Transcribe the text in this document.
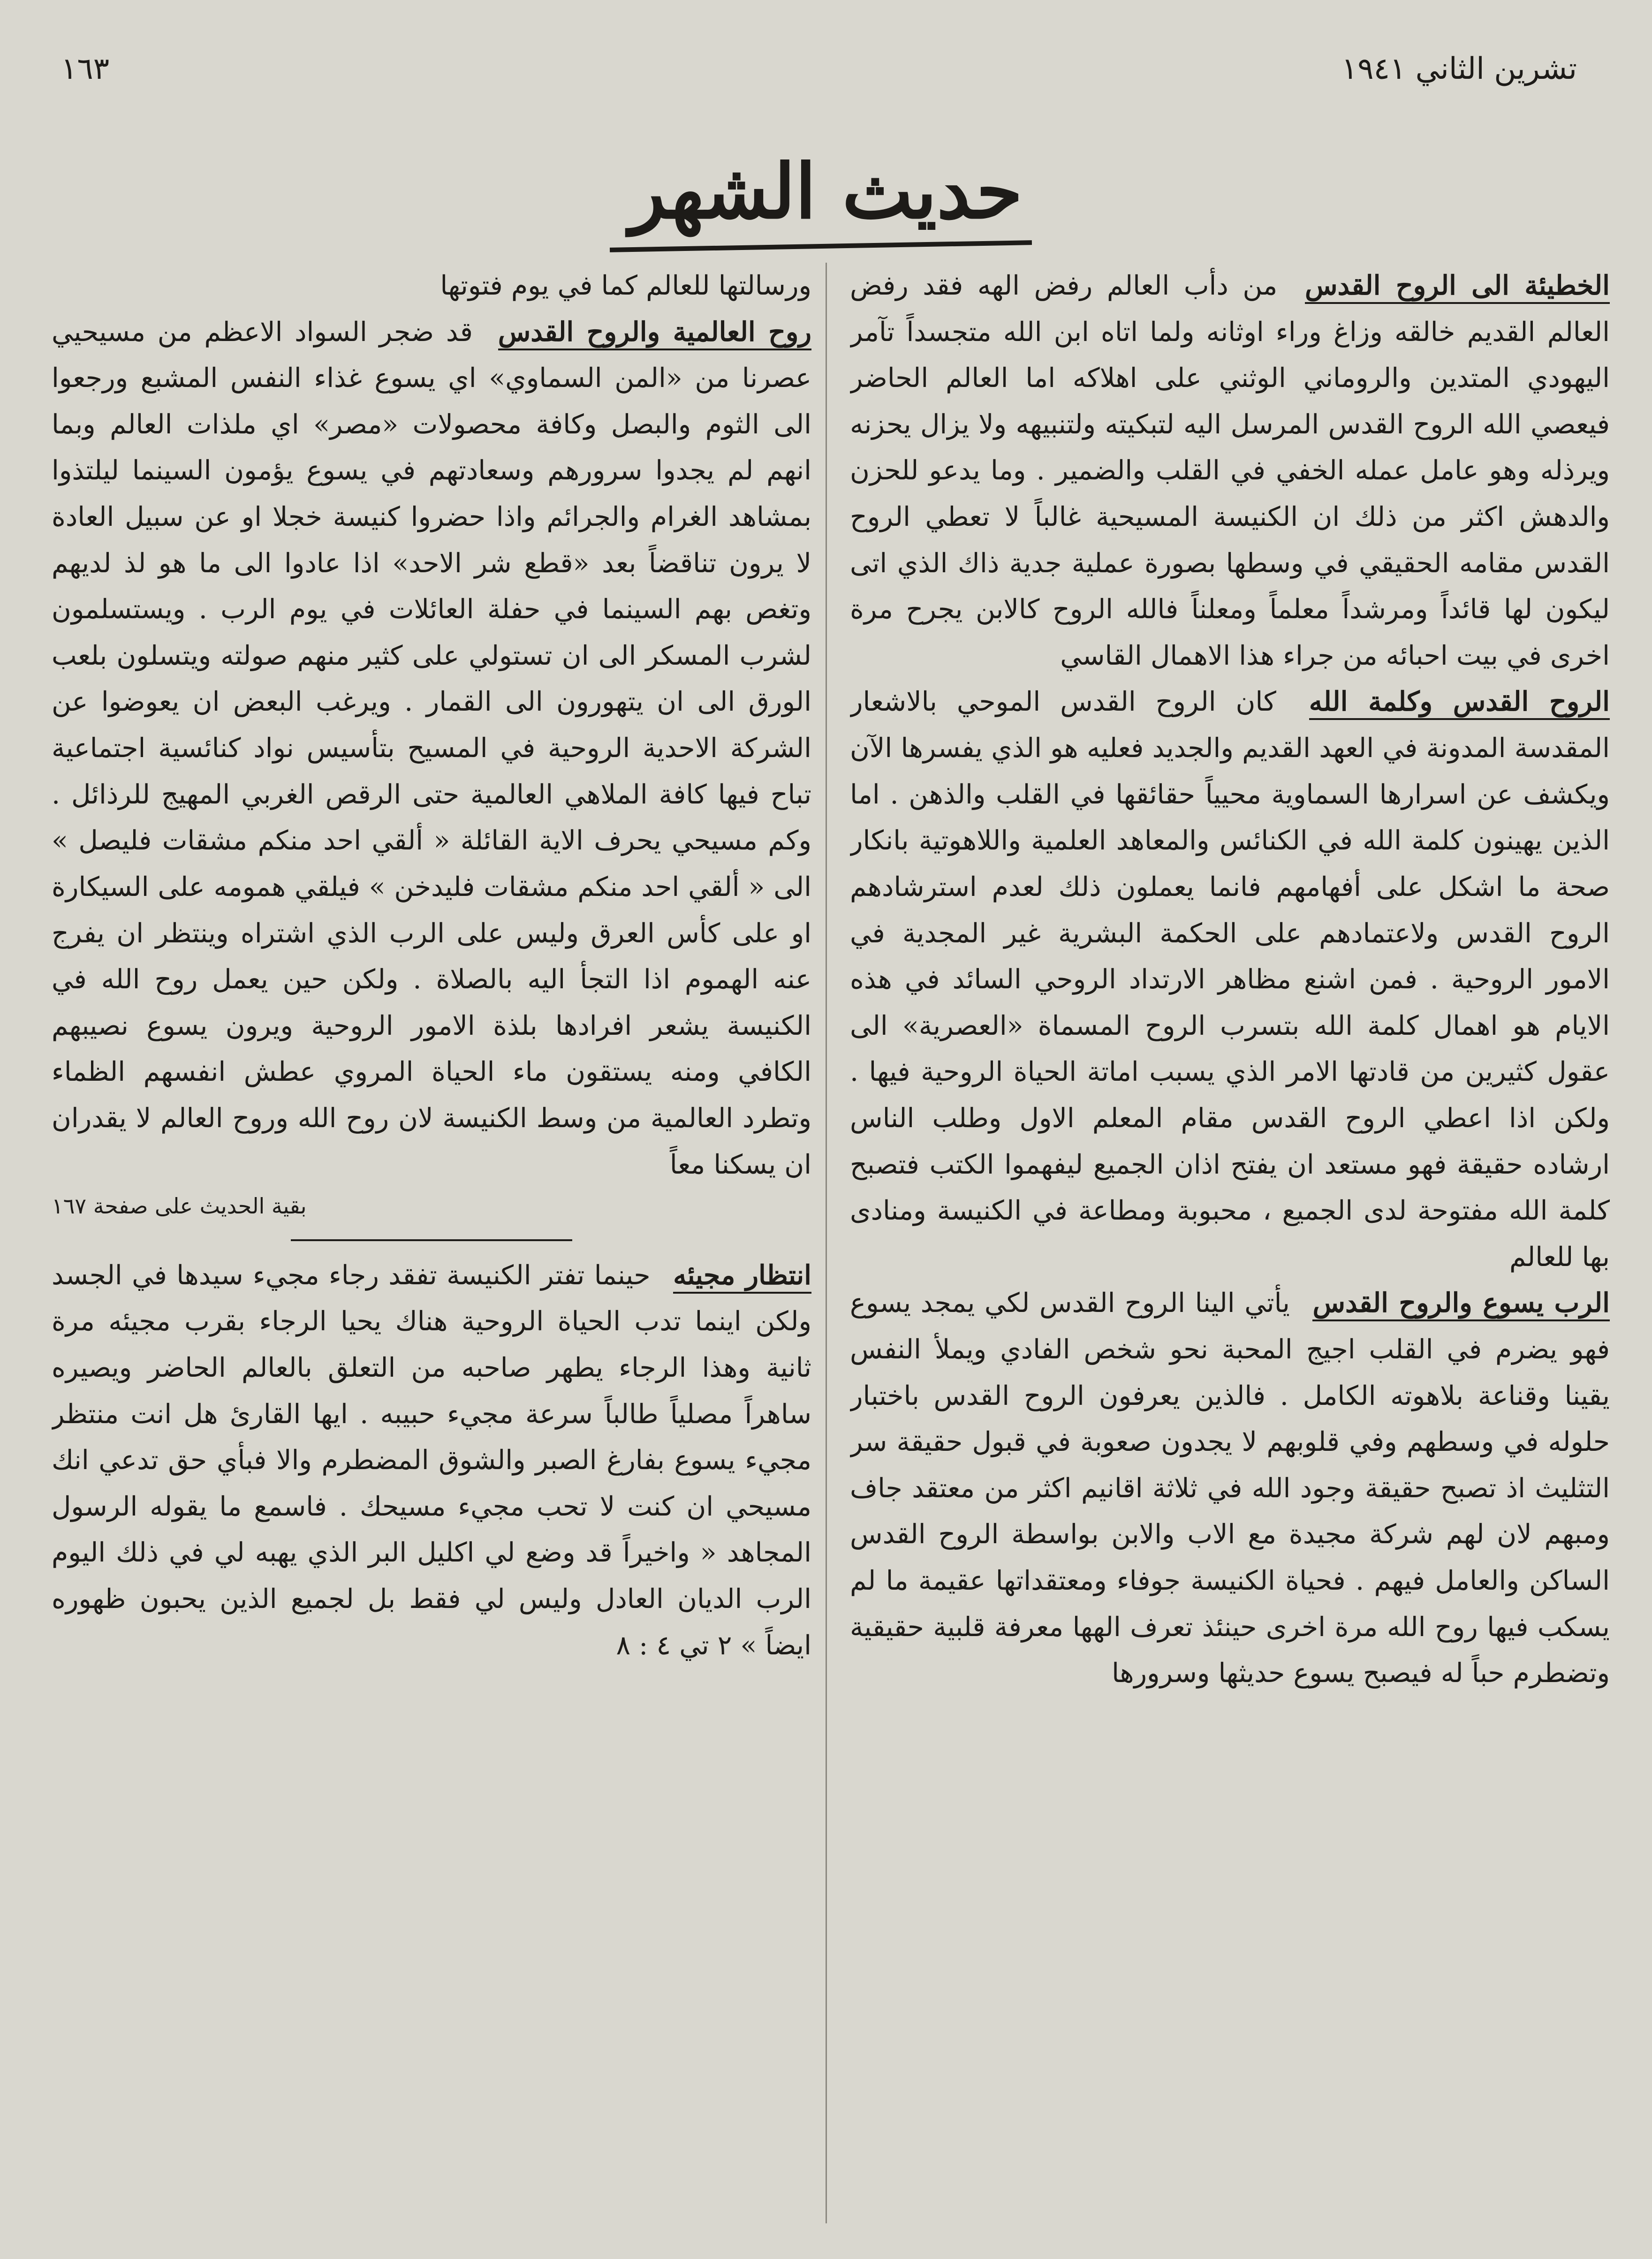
تشرين الثاني ١٩٤١
١٦٣
حديث الشهر

الخطيئة الى الروح القدس من دأب العالم رفض الهه فقد رفض العالم القديم خالقه وزاغ وراء اوثانه ولما اتاه ابن الله متجسداً تآمر اليهودي المتدين والروماني الوثني على اهلاكه اما العالم الحاضر فيعصي الله الروح القدس المرسل اليه لتبكيته ولتنبيهه ولا يزال يحزنه ويرذله وهو عامل عمله الخفي في القلب والضمير . وما يدعو للحزن والدهش اكثر من ذلك ان الكنيسة المسيحية غالباً لا تعطي الروح القدس مقامه الحقيقي في وسطها بصورة عملية جدية ذاك الذي اتى ليكون لها قائداً ومرشداً معلماً ومعلناً فالله الروح كالابن يجرح مرة اخرى في بيت احبائه من جراء هذا الاهمال القاسي

الروح القدس وكلمة الله كان الروح القدس الموحي بالاشعار المقدسة المدونة في العهد القديم والجديد فعليه هو الذي يفسرها الآن ويكشف عن اسرارها السماوية محيياً حقائقها في القلب والذهن . اما الذين يهينون كلمة الله في الكنائس والمعاهد العلمية واللاهوتية بانكار صحة ما اشكل على أفهامهم فانما يعملون ذلك لعدم استرشادهم الروح القدس ولاعتمادهم على الحكمة البشرية غير المجدية في الامور الروحية . فمن اشنع مظاهر الارتداد الروحي السائد في هذه الايام هو اهمال كلمة الله بتسرب الروح المسماة «العصرية» الى عقول كثيرين من قادتها الامر الذي يسبب اماتة الحياة الروحية فيها . ولكن اذا اعطي الروح القدس مقام المعلم الاول وطلب الناس ارشاده حقيقة فهو مستعد ان يفتح اذان الجميع ليفهموا الكتب فتصبح كلمة الله مفتوحة لدى الجميع ، محبوبة ومطاعة في الكنيسة ومنادى بها للعالم

الرب يسوع والروح القدس يأتي الينا الروح القدس لكي يمجد يسوع فهو يضرم في القلب اجيج المحبة نحو شخص الفادي ويملأ النفس يقينا وقناعة بلاهوته الكامل . فالذين يعرفون الروح القدس باختبار حلوله في وسطهم وفي قلوبهم لا يجدون صعوبة في قبول حقيقة سر التثليث اذ تصبح حقيقة وجود الله في ثلاثة اقانيم اكثر من معتقد جاف ومبهم لان لهم شركة مجيدة مع الاب والابن بواسطة الروح القدس الساكن والعامل فيهم . فحياة الكنيسة جوفاء ومعتقداتها عقيمة ما لم يسكب فيها روح الله مرة اخرى حينئذ تعرف الهها معرفة قلبية حقيقية وتضطرم حباً له فيصبح يسوع حديثها وسرورها

ورسالتها للعالم كما في يوم فتوتها

روح العالمية والروح القدس قد ضجر السواد الاعظم من مسيحيي عصرنا من «المن السماوي» اي يسوع غذاء النفس المشبع ورجعوا الى الثوم والبصل وكافة محصولات «مصر» اي ملذات العالم وبما انهم لم يجدوا سرورهم وسعادتهم في يسوع يؤمون السينما ليلتذوا بمشاهد الغرام والجرائم واذا حضروا كنيسة خجلا او عن سبيل العادة لا يرون تناقضاً بعد «قطع شر الاحد» اذا عادوا الى ما هو لذ لديهم وتغص بهم السينما في حفلة العائلات في يوم الرب . ويستسلمون لشرب المسكر الى ان تستولي على كثير منهم صولته ويتسلون بلعب الورق الى ان يتهورون الى القمار . ويرغب البعض ان يعوضوا عن الشركة الاحدية الروحية في المسيح بتأسيس نواد كنائسية اجتماعية تباح فيها كافة الملاهي العالمية حتى الرقص الغربي المهيج للرذائل . وكم مسيحي يحرف الاية القائلة « ألقي احد منكم مشقات فليصل » الى « ألقي احد منكم مشقات فليدخن » فيلقي همومه على السيكارة او على كأس العرق وليس على الرب الذي اشتراه وينتظر ان يفرج عنه الهموم اذا التجأ اليه بالصلاة . ولكن حين يعمل روح الله في الكنيسة يشعر افرادها بلذة الامور الروحية ويرون يسوع نصيبهم الكافي ومنه يستقون ماء الحياة المروي عطش انفسهم الظماء وتطرد العالمية من وسط الكنيسة لان روح الله وروح العالم لا يقدران ان يسكنا معاً

بقية الحديث على صفحة ١٦٧

انتظار مجيئه حينما تفتر الكنيسة تفقد رجاء مجيء سيدها في الجسد ولكن اينما تدب الحياة الروحية هناك يحيا الرجاء بقرب مجيئه مرة ثانية وهذا الرجاء يطهر صاحبه من التعلق بالعالم الحاضر ويصيره ساهراً مصلياً طالباً سرعة مجيء حبيبه . ايها القارئ هل انت منتظر مجيء يسوع بفارغ الصبر والشوق المضطرم والا فبأي حق تدعي انك مسيحي ان كنت لا تحب مجيء مسيحك . فاسمع ما يقوله الرسول المجاهد « واخيراً قد وضع لي اكليل البر الذي يهبه لي في ذلك اليوم الرب الديان العادل وليس لي فقط بل لجميع الذين يحبون ظهوره ايضاً » ٢ تي ٤ : ٨
